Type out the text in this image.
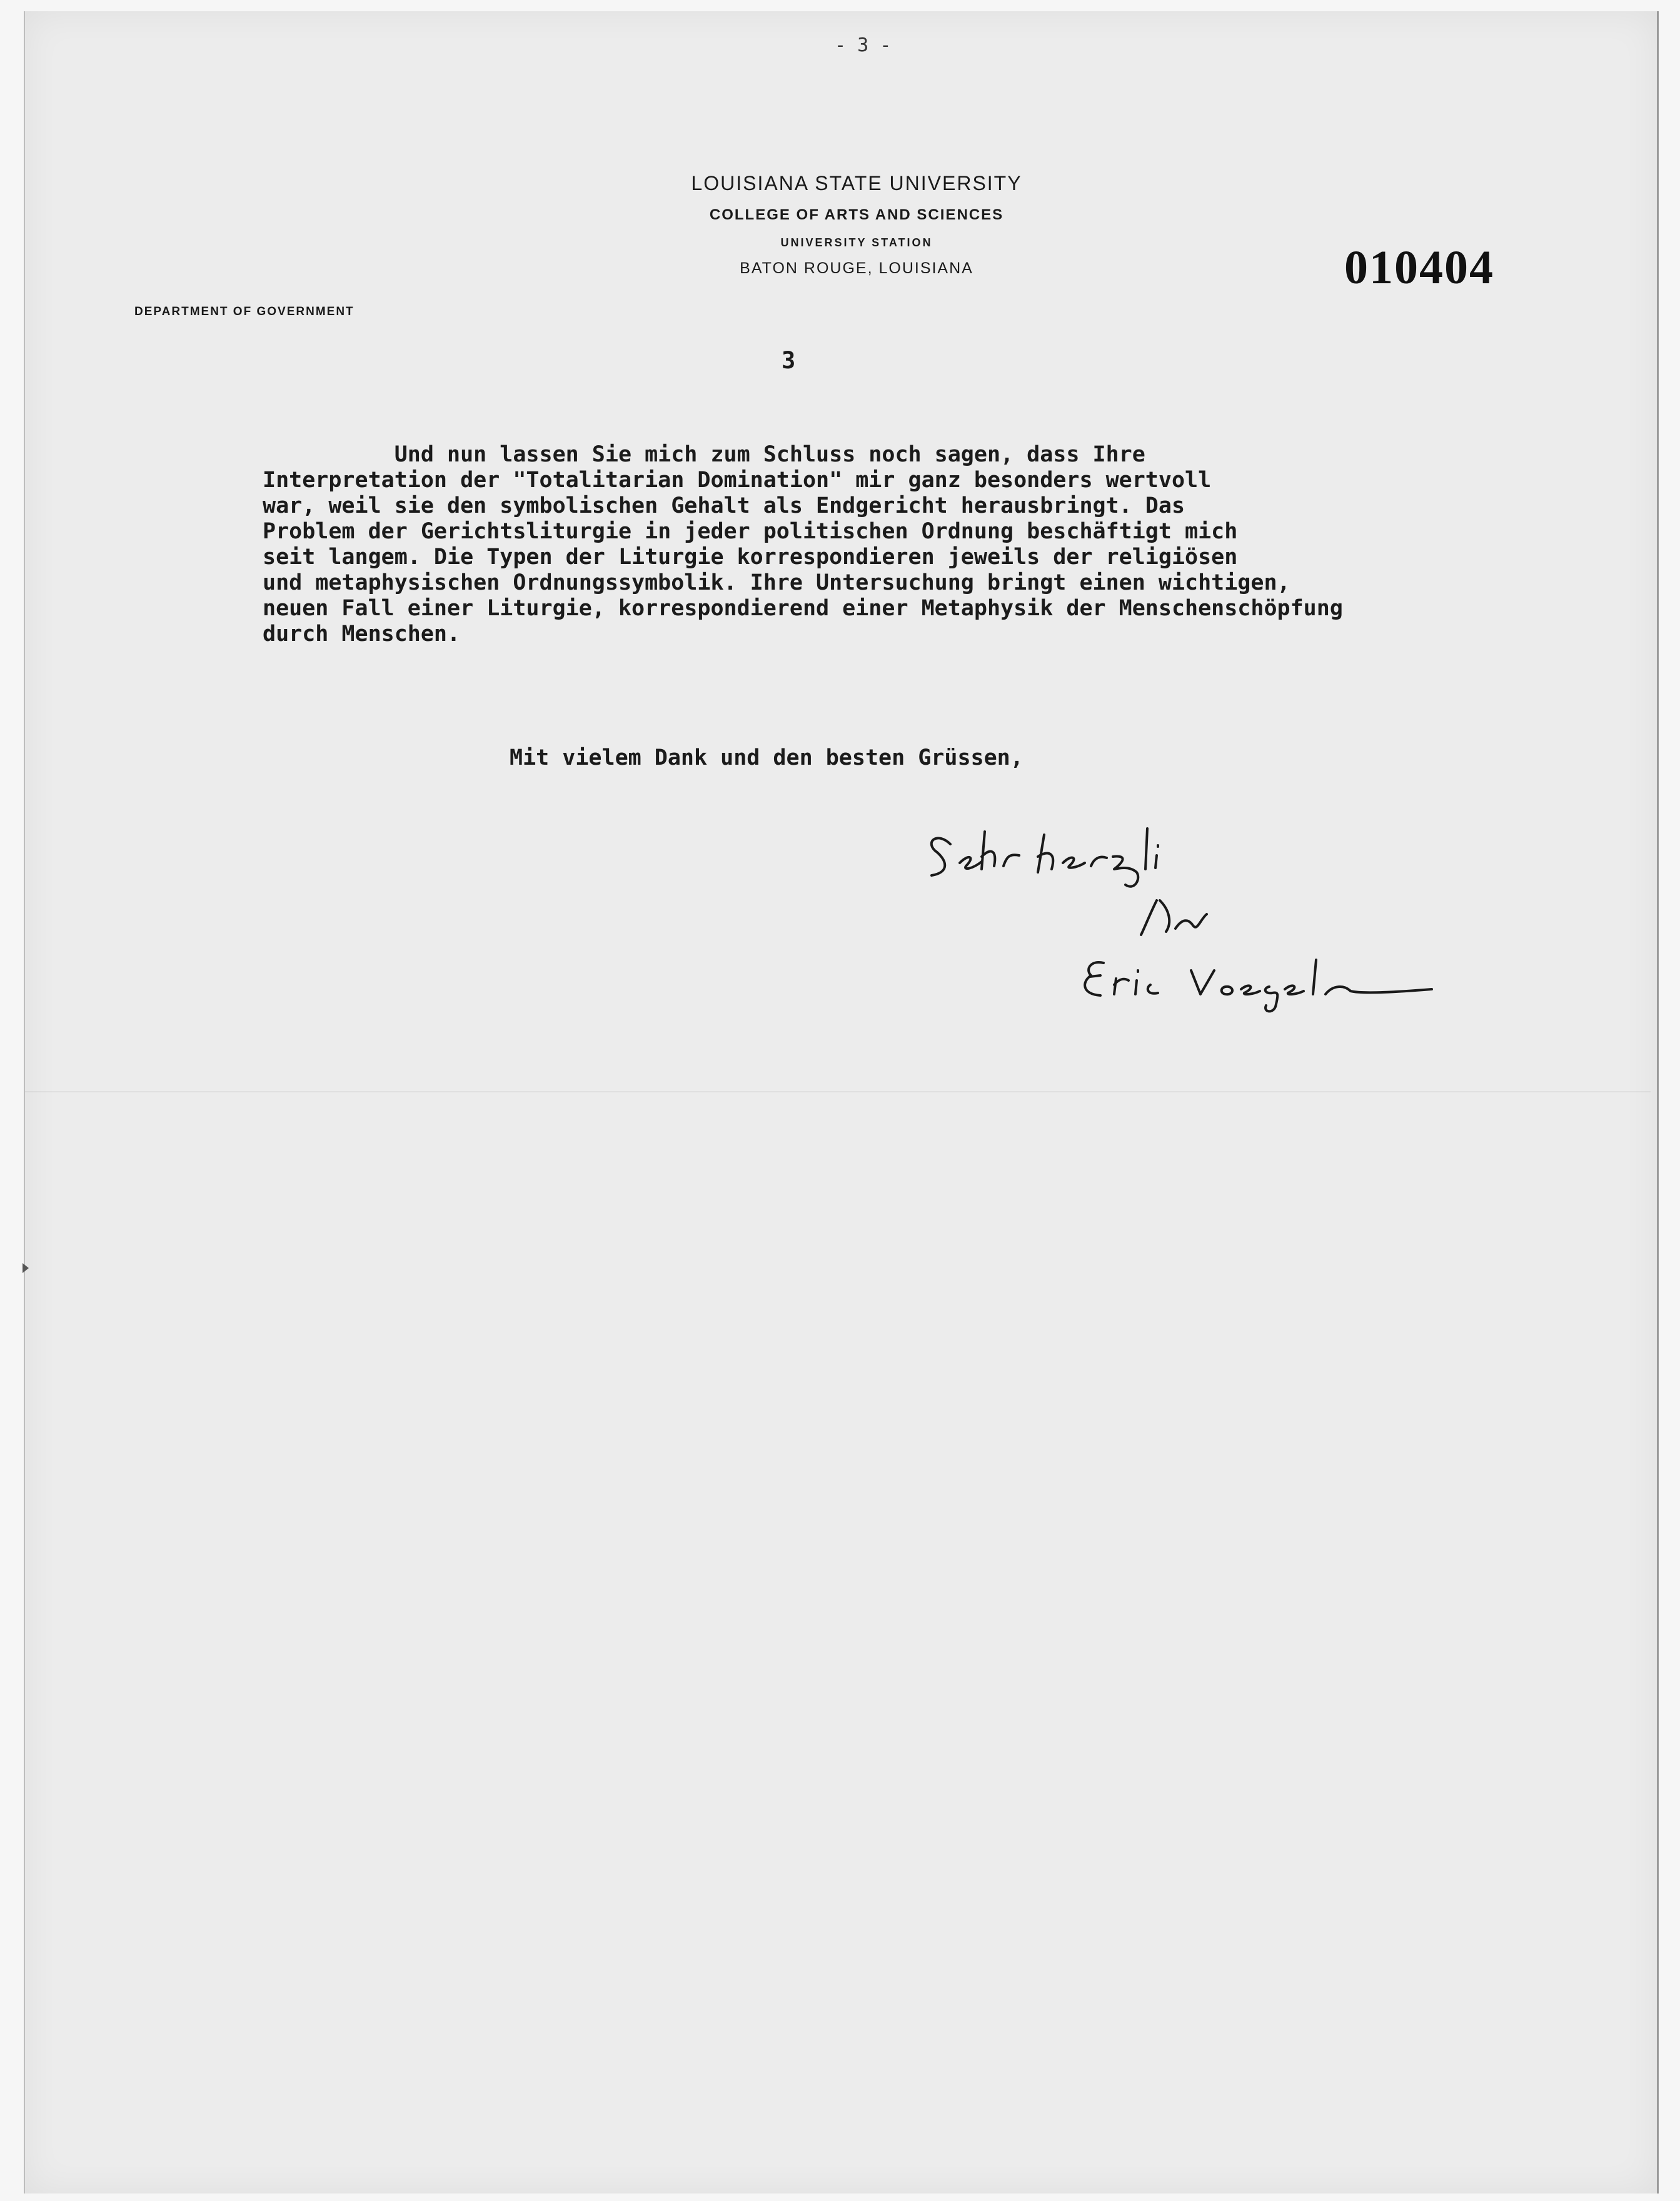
- 3 -
LOUISIANA STATE UNIVERSITY
COLLEGE OF ARTS AND SCIENCES
UNIVERSITY STATION
BATON ROUGE, LOUISIANA
DEPARTMENT OF GOVERNMENT
010404
3
Und nun lassen Sie mich zum Schluss noch sagen, dass Ihre
Interpretation der "Totalitarian Domination" mir ganz besonders wertvoll
war, weil sie den symbolischen Gehalt als Endgericht herausbringt. Das
Problem der Gerichtsliturgie in jeder politischen Ordnung beschäftigt mich
seit langem. Die Typen der Liturgie korrespondieren jeweils der religiösen
und metaphysischen Ordnungssymbolik. Ihre Untersuchung bringt einen wichtigen,
neuen Fall einer Liturgie, korrespondierend einer Metaphysik der Menschenschöpfung
durch Menschen.
Mit vielem Dank und den besten Grüssen,
